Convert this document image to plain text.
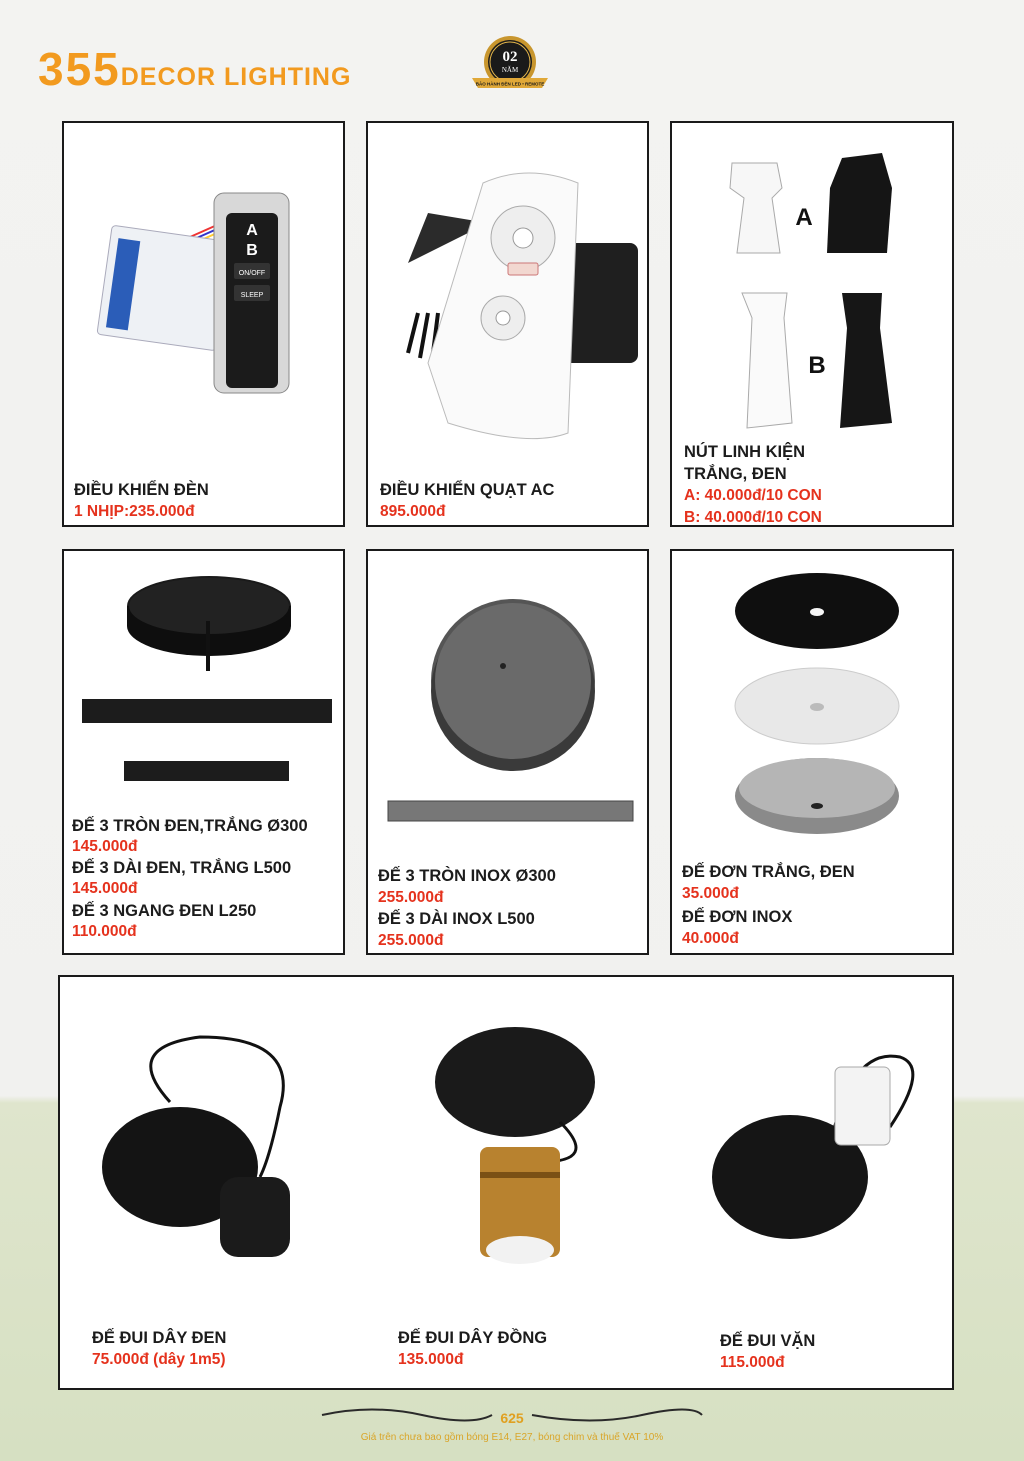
355DECOR LIGHTING
02
NĂM
BẢO HÀNH ĐÈN LED • REMOTE
A
B
ON/OFF
SLEEP
ĐIỀU KHIỂN ĐÈN
1 NHỊP:235.000đ
ĐIỀU KHIỂN QUẠT AC
895.000đ
A
B
NÚT LINH KIỆN
TRẮNG, ĐEN
A: 40.000đ/10 CON
B: 40.000đ/10 CON
ĐẾ 3 TRÒN ĐEN,TRẮNG Ø300
145.000đ
ĐẾ 3 DÀI ĐEN, TRẮNG L500
145.000đ
ĐẾ 3 NGANG ĐEN L250
110.000đ
ĐẾ 3 TRÒN INOX Ø300
255.000đ
ĐẾ 3 DÀI INOX L500
255.000đ
ĐẾ ĐƠN TRẮNG, ĐEN
35.000đ
ĐẾ ĐƠN INOX
40.000đ
ĐẾ ĐUI DÂY ĐEN
75.000đ (dây 1m5)
ĐẾ ĐUI DÂY ĐỒNG
135.000đ
ĐẾ ĐUI VẶN
115.000đ
625
Giá trên chưa bao gồm bóng E14, E27, bóng chim và thuế VAT 10%
